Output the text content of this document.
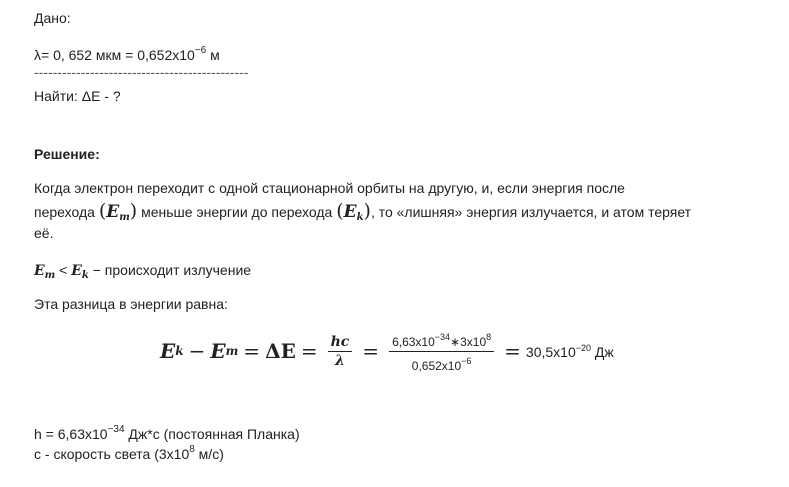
Дано:
λ= 0, 652 мкм = $0,652х10^{-6}$ м
----------------------------------------------
Найти: ΔЕ - ?
Решение:
Когда электрон переходит с одной стационарной орбиты на другую, и, если энергия после
перехода $(E_m)$ меньше энергии до перехода $(E_k)$, то «лишняя» энергия излучается, и атом теряет
её.
$E_m < E_k$ − происходит излучение
Эта разница в энергии равна:
E k − E $m = \Delta E = \frac{hc}{\lambda} = \frac{6,63х10^{-34}∗3х10^8}{0,652х10^{-6}} = 30,5х10^{-20}$ Дж
$h = 6,63х10^{-34}$ Дж*с (постоянная Планка)
с - скорость света ($3х10^8$ м/с)
